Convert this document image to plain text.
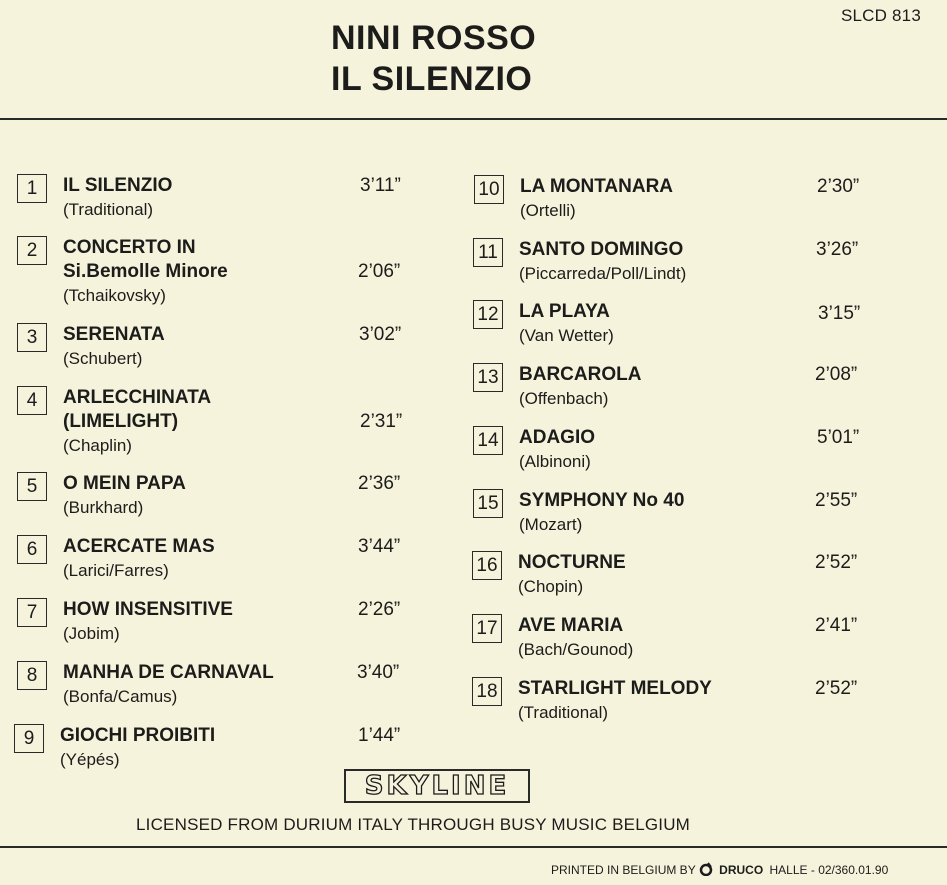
SLCD 813
NINI ROSSO
IL SILENZIO
1	IL SILENZIO
(Traditional)
3’11”
2	CONCERTO IN
Si.Bemolle Minore
(Tchaikovsky)
2’06”
3	SERENATA
(Schubert)
3’02”
4	ARLECCHINATA
(LIMELIGHT)
(Chaplin)
2’31”
5	O MEIN PAPA
(Burkhard)
2’36”
6	ACERCATE MAS
(Larici/Farres)
3’44”
7	HOW INSENSITIVE
(Jobim)
2’26”
8	MANHA DE CARNAVAL
(Bonfa/Camus)
3’40”
9	GIOCHI PROIBITI
(Yépés)
1’44”
10 LA MONTANARA
(Ortelli)
2’30”
11 SANTO DOMINGO
(Piccarreda/Poll/Lindt)
3’26”
12 LA PLAYA
(Van Wetter)
3’15”
13 BARCAROLA
(Offenbach)
2’08”
14 ADAGIO
(Albinoni)
5’01”
15 SYMPHONY No 40
(Mozart)
2’55”
16 NOCTURNE
(Chopin)
2’52”
17 AVE MARIA
(Bach/Gounod)
2’41”
18 STARLIGHT MELODY
(Traditional)
2’52”
SKYLINE
LICENSED FROM DURIUM ITALY THROUGH BUSY MUSIC BELGIUM
PRINTED IN BELGIUM BY DRUCO HALLE - 02/360.01.90
